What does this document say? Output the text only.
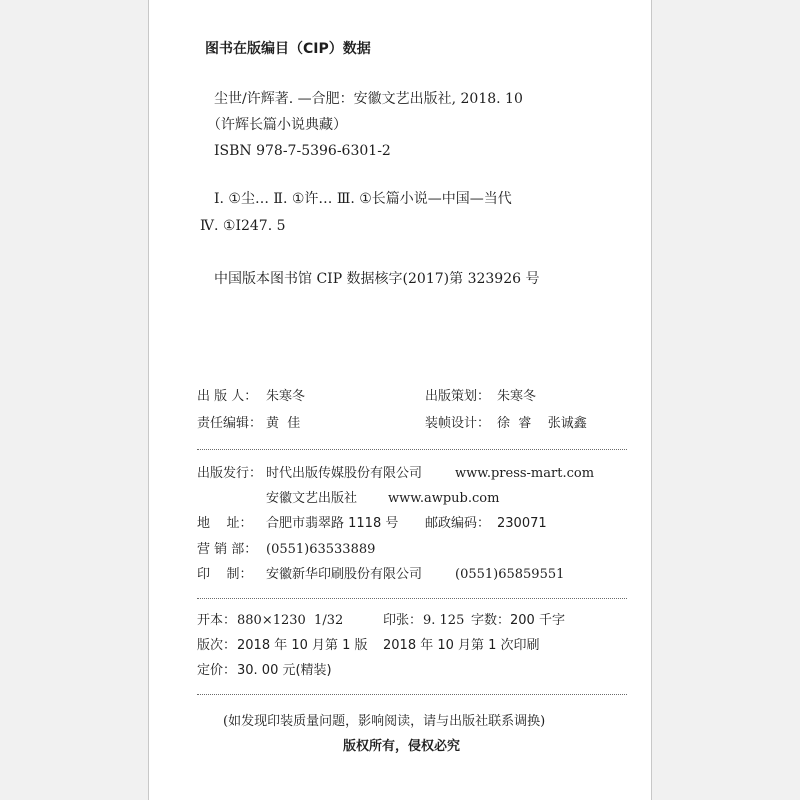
图书在版编目（CIP）数据
尘世/许辉著. —合肥：安徽文艺出版社, 2018. 10
（许辉长篇小说典藏）
ISBN 978-7-5396-6301-2
Ⅰ. ①尘… Ⅱ. ①许… Ⅲ. ①长篇小说—中国—当代
Ⅳ. ①I247. 5
中国版本图书馆 CIP 数据核字(2017)第 323926 号
出 版 人： 朱寒冬	出版策划： 朱寒冬
责任编辑： 黄  佳	装帧设计： 徐  睿    张诚鑫
出版发行： 时代出版传媒股份有限公司	www.press-mart.com
安徽文艺出版社 www.awpub.com
地    址： 合肥市翡翠路 1118 号 邮政编码： 230071
营 销 部： (0551)63533889
印    制： 安徽新华印刷股份有限公司	(0551)65859551
开本： 880×1230  1/32	印张： 9. 125 字数： 200 千字
版次： 2018 年 10 月第 1 版 2018 年 10 月第 1 次印刷
定价： 30. 00 元(精装)
(如发现印装质量问题，影响阅读，请与出版社联系调换)
版权所有，侵权必究
